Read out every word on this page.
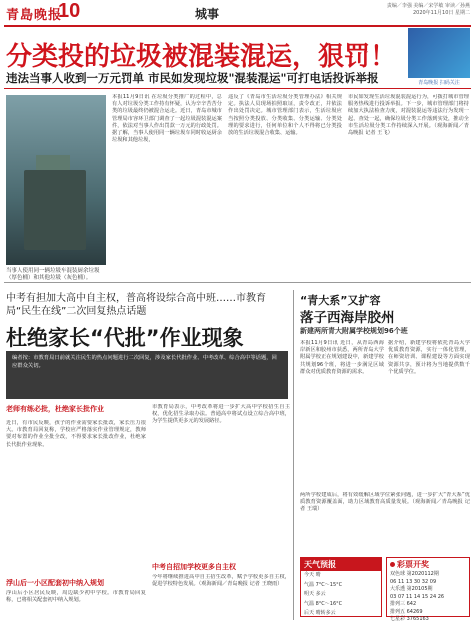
青島晚报
10	城事
责编／李强 美编／宋学敏 审读／孙燕
2020年11月10日 星期二
青岛晚报 扫码关注
分类投的垃圾被混装混运，狠罚！
违法当事人收到一万元罚单 市民如发现垃圾"混装混运"可打电话投诉举报
当事人使用同一辆垃圾车混装厨余垃圾（厚色桶）和其他垃圾（灰色桶）。
本报11月9日讯 在垃圾分类推广的过程中，总有人对垃圾分类工作持有怀疑，认为辛辛苦苦分类的垃圾最终仍被混合运走。近日，青岛市城市管理局市容环卫部门调查了一起垃圾混装混运案件，依法对当事人作出罚款一万元的行政处罚。据了解，当事人使用同一辆垃圾车同时收运厨余垃圾和其他垃圾，
违反了《青岛市生活垃圾分类管理办法》相关规定。执法人员现场拍照取证，责令改正，并依法作出处罚决定。城市管理部门表示，生活垃圾应当按照分类投放、分类收集、分类运输、分类处理的要求进行，任何单位和个人不得将已分类投放的生活垃圾混合收集、运输。
市民如发现生活垃圾混装混运行为，可拨打城市管理服务热线进行投诉举报。下一步，城市管理部门将持续加大执法检查力度，对混装混运等违法行为发现一起、查处一起，确保垃圾分类工作落到实处，推动全市生活垃圾分类工作持续深入开展。（观海新闻／青岛晚报 记者 王飞）
中考有担加大高中自主权，普高将设综合高中班……市教育局“民生在线”二次回复热点话题
杜绝家长“代批”作业现象
编者按：市教育局日前就关注民生的热点问题进行二次回复，涉及家长代批作业、中考改革、综合高中等话题，回应群众关切。
老师有练必批，杜绝家长批作业
近日，有市民反映，孩子的作业需要家长批改，家长压力很大。市教育局回复称，学校应严格落实作业管理规定，教师要对布置的作业全批全改，不得要求家长批改作业，杜绝家长代批作业现象。
浮山后一小区配套初中纳入规划
浮山后小区居民反映，周边缺少初中学校。市教育局回复称，已将相关配套初中纳入规划。
市教育局表示，中考改革将进一步扩大高中学校招生自主权，优化招生录取办法。普通高中将试点设立综合高中班，为学生提供更多元的发展路径。
中考自招加学校更多自主权
今年将继续推进高中自主招生改革，赋予学校更多自主权，促进学校特色发展。（观海新闻／青岛晚报 记者 王晓雨）
“青大系”又扩容
落子西海岸胶州
新建两所青大附属学校规划96个班
本报11月9日讯 近日，从青岛西海岸新区和胶州市获悉，两所青岛大学附属学校正在规划建设中，新建学校共规划96个班，将进一步满足区域群众对优质教育资源的需求。
据介绍，新建学校将依托青岛大学优质教育资源，实行一体化管理，在师资培训、课程建设等方面实现资源共享，预计将为当地提供数千个优质学位。
两所学校建成后，将有效缓解区域学位紧张问题，进一步扩大“青大系”优质教育资源覆盖面，助力区域教育高质量发展。（观海新闻／青岛晚报 记者 王瑞）
天气预报
今天 晴
气温 7°C～15°C
明天 多云
气温 8°C～16°C
后天 晴转多云
彩票开奖
双色球 第2020112期
06 11 13 30 32 09
大乐透 第20105期
03 07 11 14 15 24 26
排列三 642
排列五 64269
七星彩 3765163
